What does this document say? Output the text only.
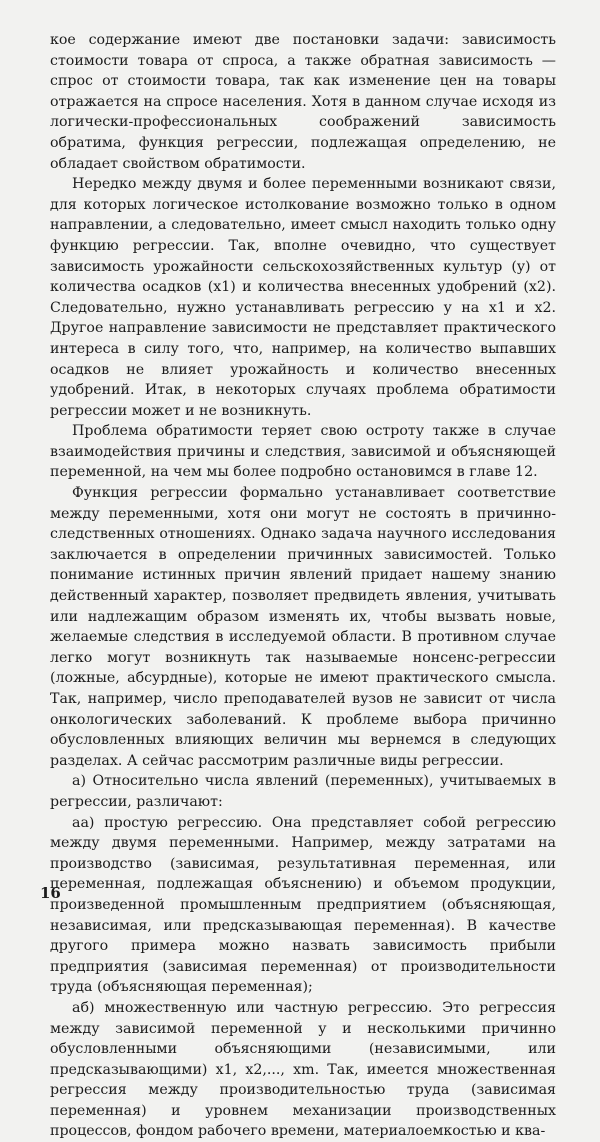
кое содержание имеют две постановки задачи: зависимость стоимости товара от спроса, а также обратная зависимость — спрос от стоимости товара, так как изменение цен на товары отражается на спросе населения. Хотя в данном случае исходя из логически-профессиональных соображений зависимость обратима, функция регрессии, подлежащая определению, не обладает свойством обратимости.

Нередко между двумя и более переменными возникают связи, для которых логическое истолкование возможно только в одном направлении, а следовательно, имеет смысл находить только одну функцию регрессии. Так, вполне очевидно, что существует зависимость урожайности сельскохозяйственных культур (y) от количества осадков (x1) и количества внесенных удобрений (x2). Следовательно, нужно устанавливать регрессию y на x1 и x2. Другое направление зависимости не представляет практического интереса в силу того, что, например, на количество выпавших осадков не влияет урожайность и количество внесенных удобрений. Итак, в некоторых случаях проблема обратимости регрессии может и не возникнуть.

Проблема обратимости теряет свою остроту также в случае взаимодействия причины и следствия, зависимой и объясняющей переменной, на чем мы более подробно остановимся в главе 12.

Функция регрессии формально устанавливает соответствие между переменными, хотя они могут не состоять в причинно-следственных отношениях. Однако задача научного исследования заключается в определении причинных зависимостей. Только понимание истинных причин явлений придает нашему знанию действенный характер, позволяет предвидеть явления, учитывать или надлежащим образом изменять их, чтобы вызвать новые, желаемые следствия в исследуемой области. В противном случае легко могут возникнуть так называемые нонсенс-регрессии (ложные, абсурдные), которые не имеют практического смысла. Так, например, число преподавателей вузов не зависит от числа онкологических заболеваний. К проблеме выбора причинно обусловленных влияющих величин мы вернемся в следующих разделах. А сейчас рассмотрим различные виды регрессии.

а) Относительно числа явлений (переменных), учитываемых в регрессии, различают:

аа) простую регрессию. Она представляет собой регрессию между двумя переменными. Например, между затратами на производство (зависимая, результативная переменная, или переменная, подлежащая объяснению) и объемом продукции, произведенной промышленным предприятием (объясняющая, независимая, или предсказывающая переменная). В качестве другого примера можно назвать зависимость прибыли предприятия (зависимая переменная) от производительности труда (объясняющая переменная);

аб) множественную или частную регрессию. Это регрессия между зависимой переменной y и несколькими причинно обусловленными объясняющими (независимыми, или предсказывающими) x1, x2,..., xm. Так, имеется множественная регрессия между производительностью труда (зависимая переменная) и уровнем механизации производственных процессов, фондом рабочего времени, материалоемкостью и ква-

16
